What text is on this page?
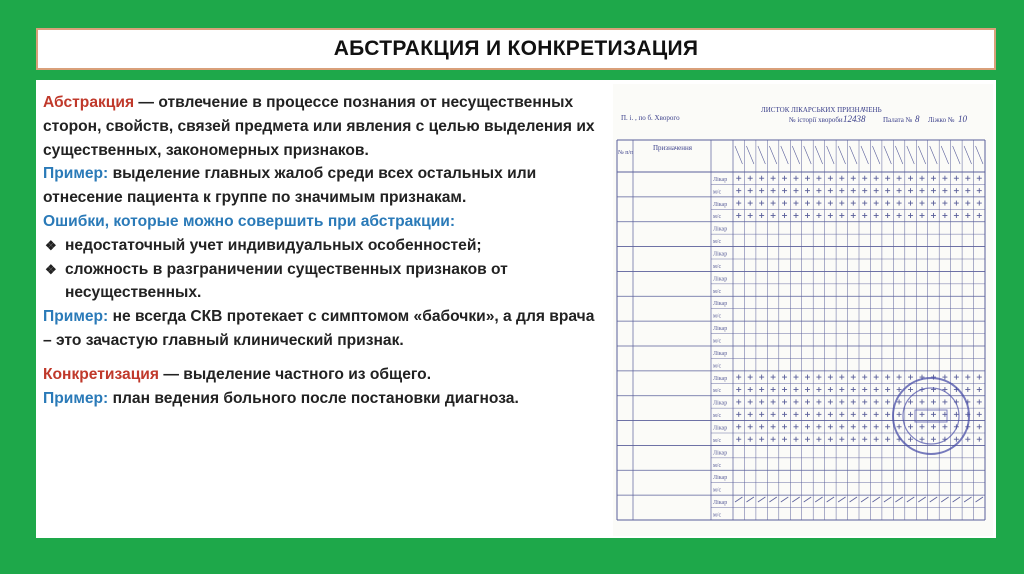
АБСТРАКЦИЯ И КОНКРЕТИЗАЦИЯ

Абстракция — отвлечение в процессе познания от несущественных сторон, свойств, связей предмета или явления с целью выделения их существенных, закономерных признаков.

Пример: выделение главных жалоб среди всех остальных или отнесение пациента к группе по значимым признакам.

Ошибки, которые можно совершить при абстракции:

❖ недостаточный учет индивидуальных особенностей;

❖ сложность в разграничении существенных признаков от несущественных.

Пример: не всегда СКВ протекает с симптомом «бабочки», а для врача – это зачастую главный клинический признак.

Конкретизация — выделение частного из общего.

Пример: план ведения больного после постановки диагноза.

П. і. , по б. Хворого
ЛИСТОК ЛІКАРСЬКИХ ПРИЗНАЧЕНЬ
№ історії хвороби 12438	Палата № 8 Ліжко № 10
Призначення
№ п/п
Лікар
м/с
Лікар
м/с
Лікар
м/с
Лікар
м/с
Лікар
м/с
Лікар
м/с
Лікар
м/с
Лікар
м/с
Лікар
м/с
Лікар
м/с
Лікар
м/с
Лікар
м/с
Лікар
м/с
Лікар
м/с
